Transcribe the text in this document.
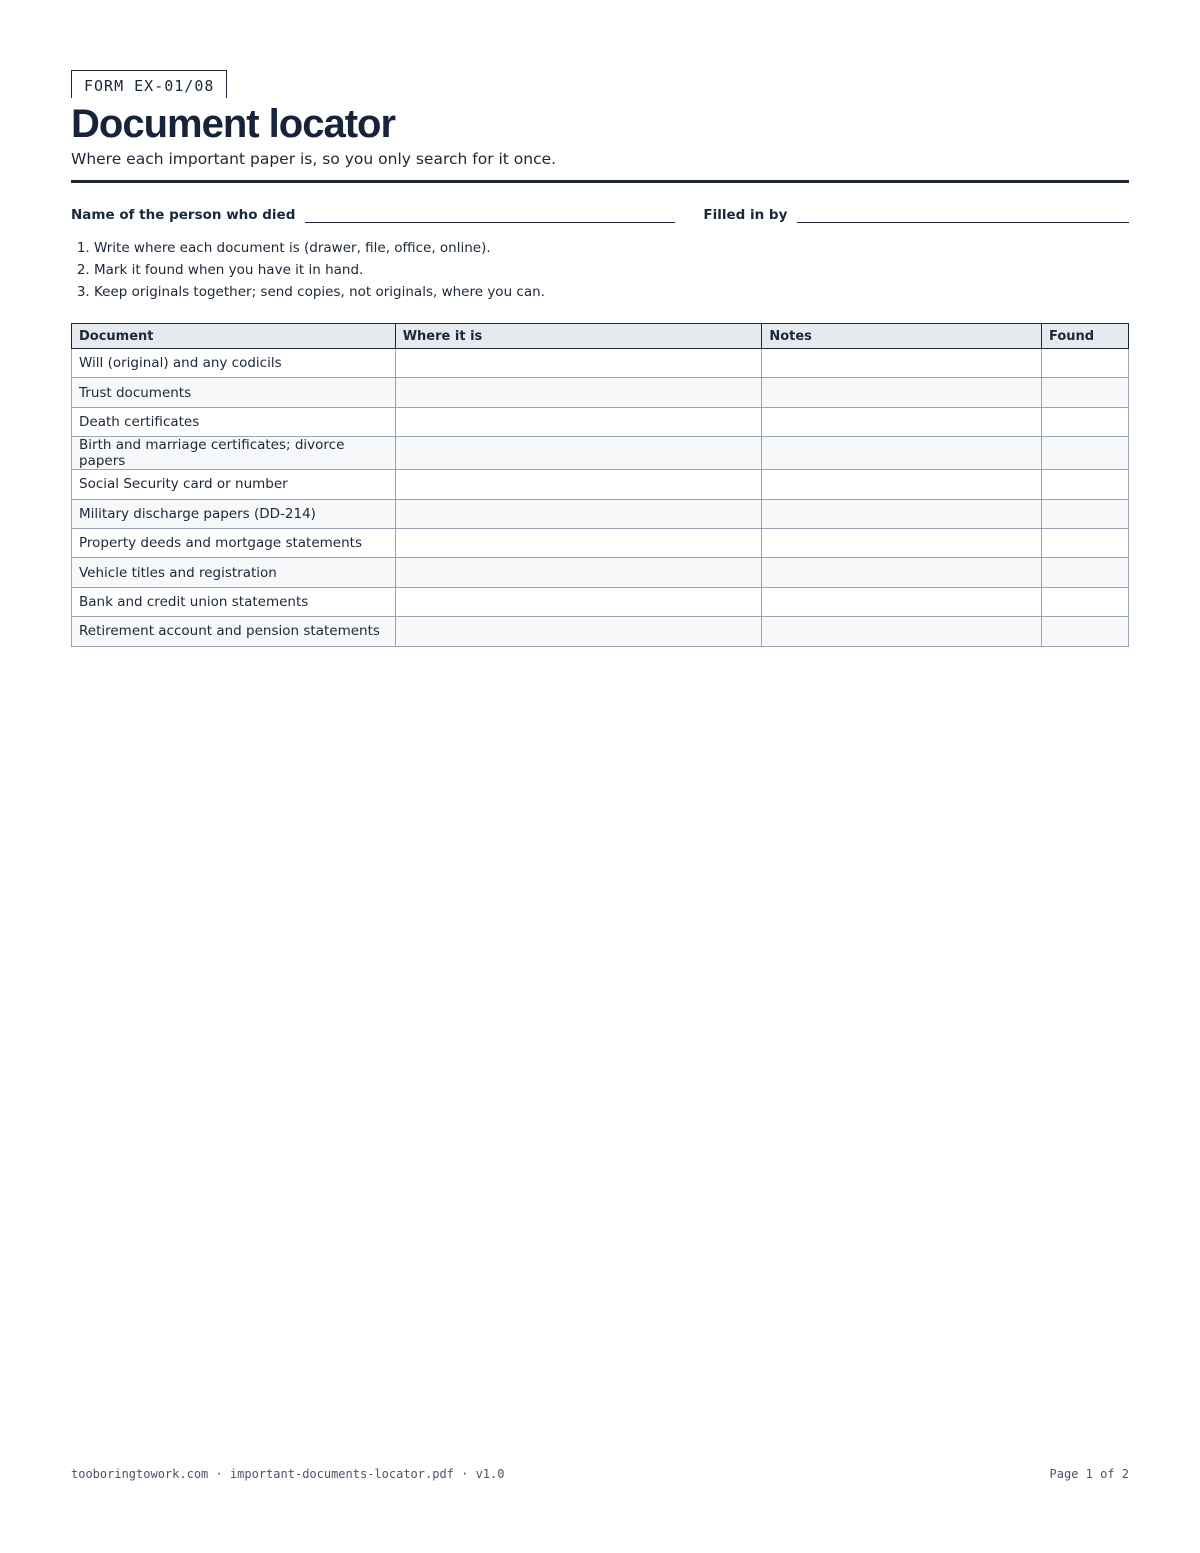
FORM EX-01/08
Document locator
Where each important paper is, so you only search for it once.
Name of the person who died	Filled in by
1. Write where each document is (drawer, file, office, online).
2. Mark it found when you have it in hand.
3. Keep originals together; send copies, not originals, where you can.
Document	Where it is	Notes	Found
Will (original) and any codicils			
Trust documents			
Death certificates			
Birth and marriage certificates; divorce papers			
Social Security card or number			
Military discharge papers (DD-214)			
Property deeds and mortgage statements			
Vehicle titles and registration			
Bank and credit union statements			
Retirement account and pension statements			
tooboringtowork.com · important-documents-locator.pdf · v1.0	Page 1 of 2
